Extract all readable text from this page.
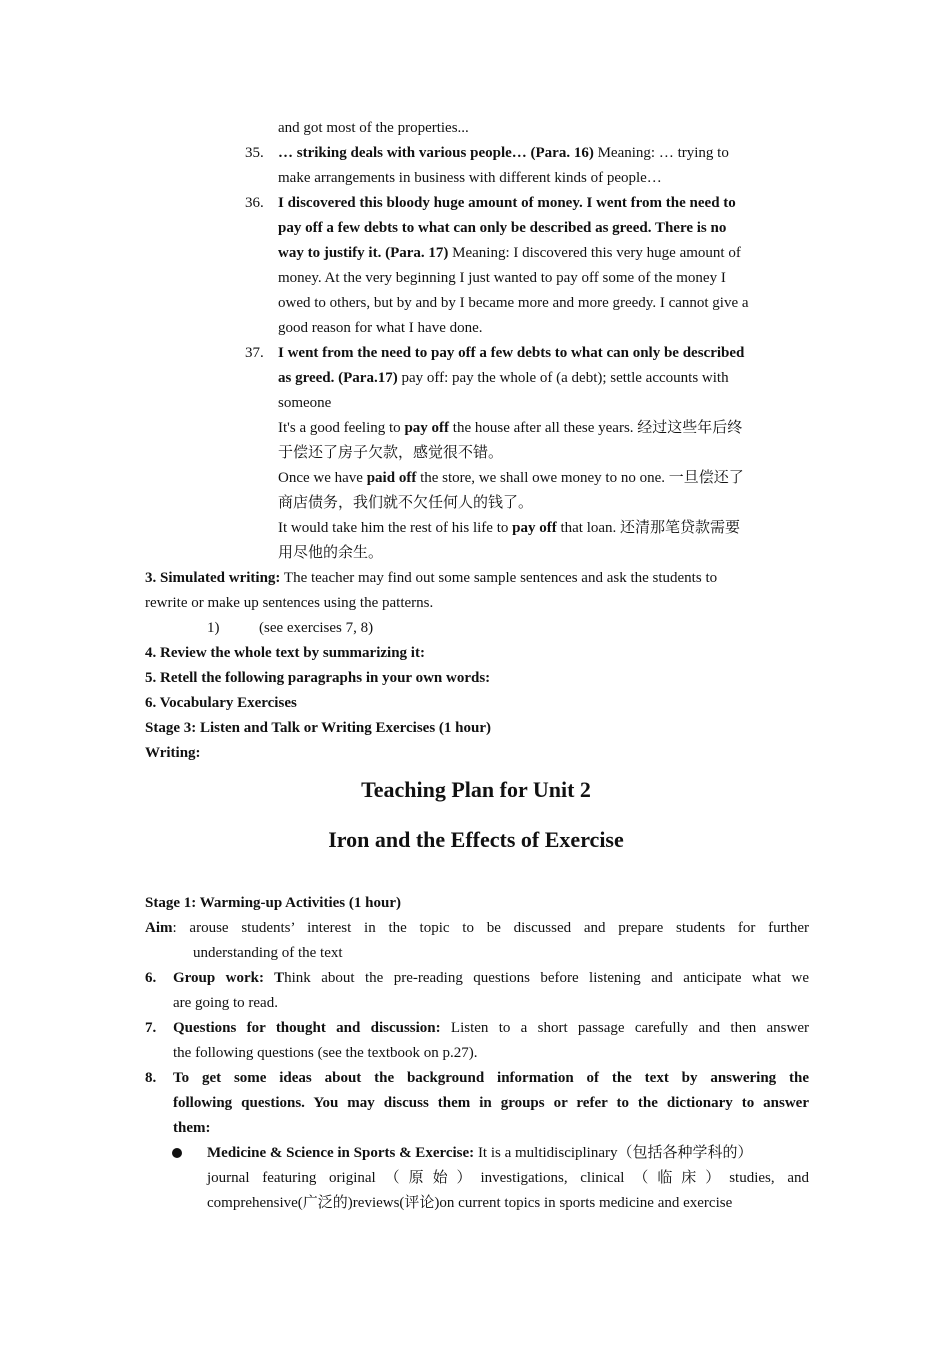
and got most of the properties...
35. … striking deals with various people… (Para. 16) Meaning: … trying to
make arrangements in business with different kinds of people…
36. I discovered this bloody huge amount of money. I went from the need to
pay off a few debts to what can only be described as greed. There is no
way to justify it. (Para. 17) Meaning: I discovered this very huge amount of
money. At the very beginning I just wanted to pay off some of the money I
owed to others, but by and by I became more and more greedy. I cannot give a
good reason for what I have done.
37. I went from the need to pay off a few debts to what can only be described
as greed. (Para.17) pay off: pay the whole of (a debt); settle accounts with
someone
It's a good feeling to pay off the house after all these years. 经过这些年后终
于偿还了房子欠款，感觉很不错。
Once we have paid off the store, we shall owe money to no one. 一旦偿还了
商店债务，我们就不欠任何人的钱了。
It would take him the rest of his life to pay off that loan. 还清那笔贷款需要
用尽他的余生。
3. Simulated writing: The teacher may find out some sample sentences and ask the students to
rewrite or make up sentences using the patterns.
1)	(see exercises 7, 8)
4. Review the whole text by summarizing it:
5. Retell the following paragraphs in your own words:
6. Vocabulary Exercises
Stage 3: Listen and Talk or Writing Exercises (1 hour)
Writing:
Teaching Plan for Unit 2
Iron and the Effects of Exercise
Stage 1: Warming-up Activities (1 hour)
Aim: arouse students’ interest in the topic to be discussed and prepare students for further
understanding of the text
6. Group work: Think about the pre-reading questions before listening and anticipate what we
are going to read.
7. Questions for thought and discussion: Listen to a short passage carefully and then answer
the following questions (see the textbook on p.27).
8. To get some ideas about the background information of the text by answering the
following questions. You may discuss them in groups or refer to the dictionary to answer
them:
Medicine & Science in Sports & Exercise: It is a multidisciplinary（包括各种学科的）
journal featuring original（原始）investigations, clinical（临床）studies, and
comprehensive(广泛的)reviews(评论)on current topics in sports medicine and exercise
